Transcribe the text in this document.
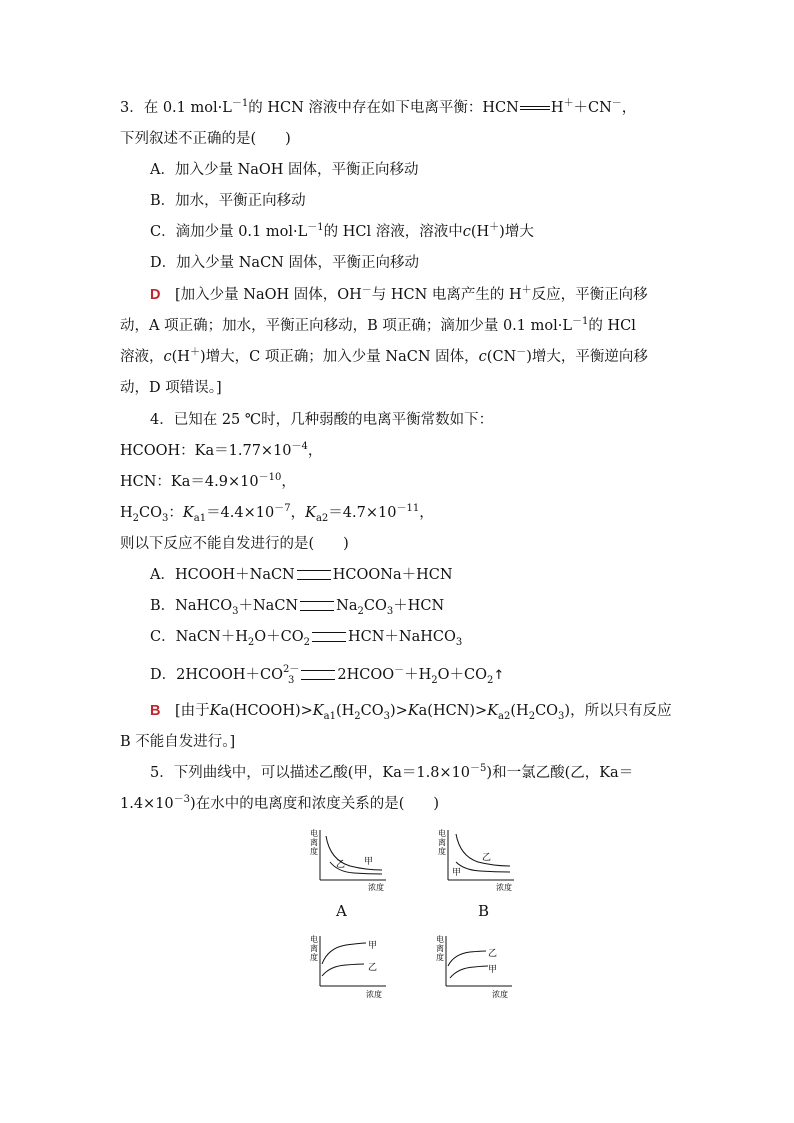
3．在 0.1 $mol\cdot L^{-1}$的 HCN 溶液中存在如下电离平衡：HCN H＋＋CN－，
下列叙述不正确的是(　　)
A．加入少量 NaOH 固体，平衡正向移动
B．加水，平衡正向移动
C．滴加少量 0.1 $mol\cdot L^{-1}$的 HCl 溶液，溶液中c(H＋)增大
D．加入少量 NaCN 固体，平衡正向移动
D　 [加入少量 NaOH 固体，OH－与 HCN 电离产生的 H＋反应，平衡正向移
动，A 项正确；加水，平衡正向移动，B 项正确；滴加少量 0.1 $mol\cdot L^{-1}$的 HCl
溶液，c(H＋)增大，C 项正确；加入少量 NaCN 固体，c(CN－)增大，平衡逆向移
动，D 项错误。]
4．已知在 25 ℃时，几种弱酸的电离平衡常数如下：
HCOOH：$Ka=1.77\times 10^{-4}$，
HCN：$Ka=4.9\times 10^{-10}$，
$H_2CO_3$：$K_{a1}=4.4\times 10^{-7}$，$K_{a2}=4.7\times 10^{-11}$，
则以下反应不能自发进行的是(　　)
A．HCOOH＋NaCN	HCOONa＋HCN
B．NaHCO$_3$＋NaCN	$Na_2CO_3+HCN$
C．$NaCN+H_2O+CO_2$	HCN＋NaHCO$_3$
D．2HCOOH＋CO 2－
3	$2HCOO^-+H_2O+CO_2↑$
B　 [由于$Ka(HCOOH)>K_{a1}(H_2CO_3)>Ka(HCN)>K_{a2}(H_2CO_3)$，所以只有反应
B 不能自发进行。]
5．下列曲线中，可以描述乙酸(甲，$Ka=1.8\times 10^{-5}$)和一氯乙酸(乙，Ka＝
$1.4\times 10^{-3}$)在水中的电离度和浓度关系的是(　　)
电
离
度
乙 甲
浓度
A
电
离
度
乙
甲
浓度
B
电
离
度
甲
乙
浓度
电
离
度	乙
甲
浓度
